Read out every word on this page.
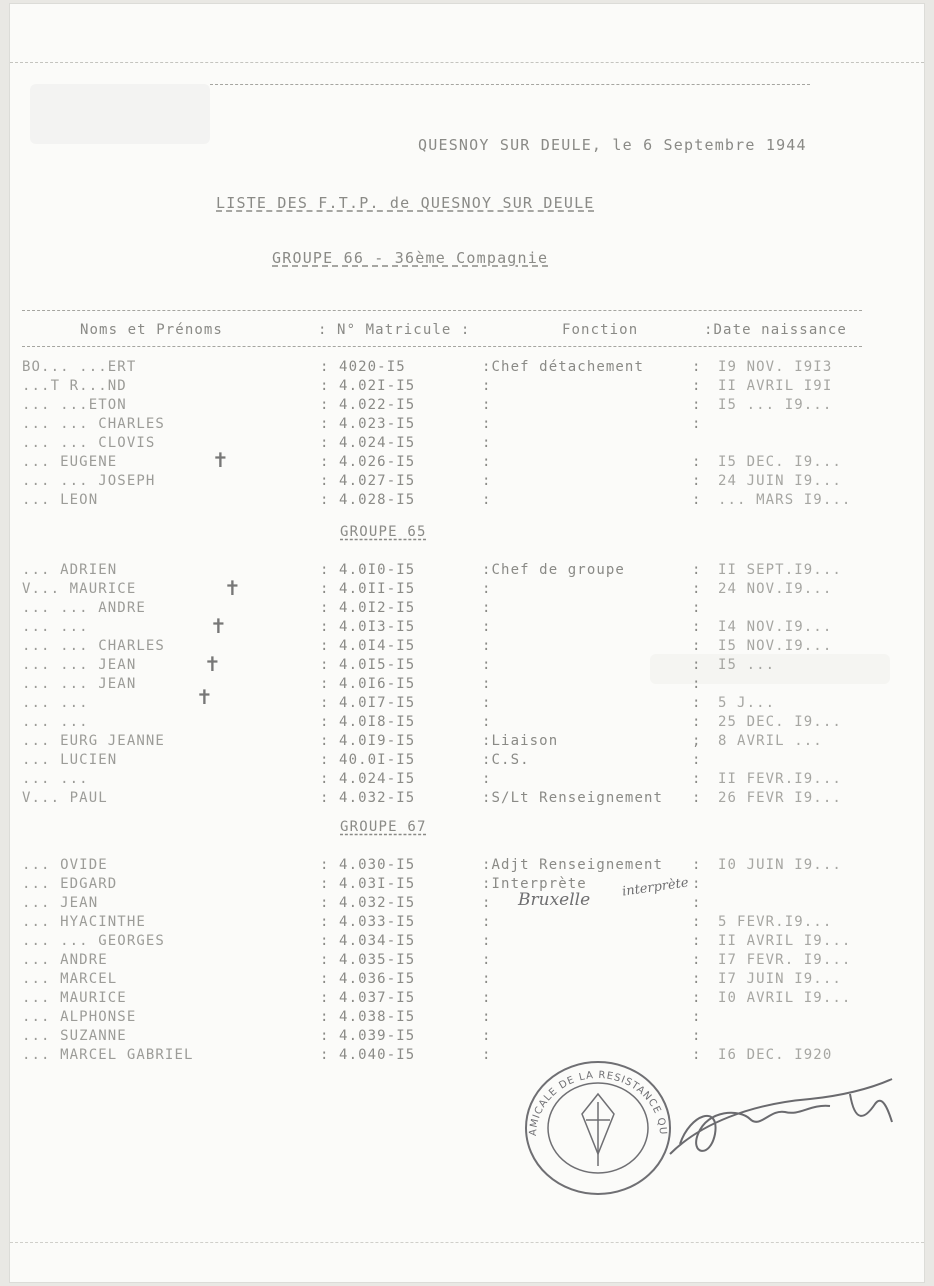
QUESNOY SUR DEULE, le 6 Septembre 1944
LISTE DES F.T.P. de QUESNOY SUR DEULE
GROUPE 66 - 36ème Compagnie
Noms et Prénoms	: N° Matricule :	Fonction	:Date naissance
BO... ...ERT	: 4020-I5	:Chef détachement	: I9 NOV. I9I3
...T R...ND	: 4.02I-I5	:	: II AVRIL I9I
... ...ETON	: 4.022-I5	:	: I5 ... I9...
... ... CHARLES	: 4.023-I5	:	:
... ... CLOVIS	: 4.024-I5	:
... EUGENE	: 4.026-I5	:	: I5 DEC. I9...
... ... JOSEPH	: 4.027-I5	:	: 24 JUIN I9...
... LEON	: 4.028-I5	:	: ... MARS I9...
GROUPE 65
... ADRIEN	: 4.0I0-I5	:Chef de groupe	: II SEPT.I9...
V... MAURICE	: 4.0II-I5	:	: 24 NOV.I9...
... ... ANDRE	: 4.0I2-I5	:	:
... ...	: 4.0I3-I5	:	: I4 NOV.I9...
... ... CHARLES	: 4.0I4-I5	:	: I5 NOV.I9...
... ... JEAN	: 4.0I5-I5	:	: I5 ...
... ... JEAN	: 4.0I6-I5	:	:
... ...	: 4.0I7-I5	:	: 5 J...
... ...	: 4.0I8-I5	:	: 25 DEC. I9...
... EURG JEANNE	: 4.0I9-I5	:Liaison	; 8 AVRIL ...
... LUCIEN	: 40.0I-I5	:C.S.	:
... ...	: 4.024-I5	:	: II FEVR.I9...
V... PAUL	: 4.032-I5	:S/Lt Renseignement : 26 FEVR I9...
GROUPE 67
... OVIDE	: 4.030-I5	:Adjt Renseignement : I0 JUIN I9...
... EDGARD	: 4.03I-I5	:Interprète	:
... JEAN	: 4.032-I5	:	:
... HYACINTHE	: 4.033-I5	:	: 5 FEVR.I9...
... ... GEORGES	: 4.034-I5	:	: II AVRIL I9...
... ANDRE	: 4.035-I5	:	: I7 FEVR. I9...
... MARCEL	: 4.036-I5	:	: I7 JUIN I9...
... MAURICE	: 4.037-I5	:	: I0 AVRIL I9...
... ALPHONSE	: 4.038-I5	:	:
... SUZANNE	: 4.039-I5	:	:
... MARCEL GABRIEL	: 4.040-I5	:	: I6 DEC. I920
✝
✝
✝
✝
✝
Bruxelle
interprète
AMICALE DE LA RESISTANCE QU
